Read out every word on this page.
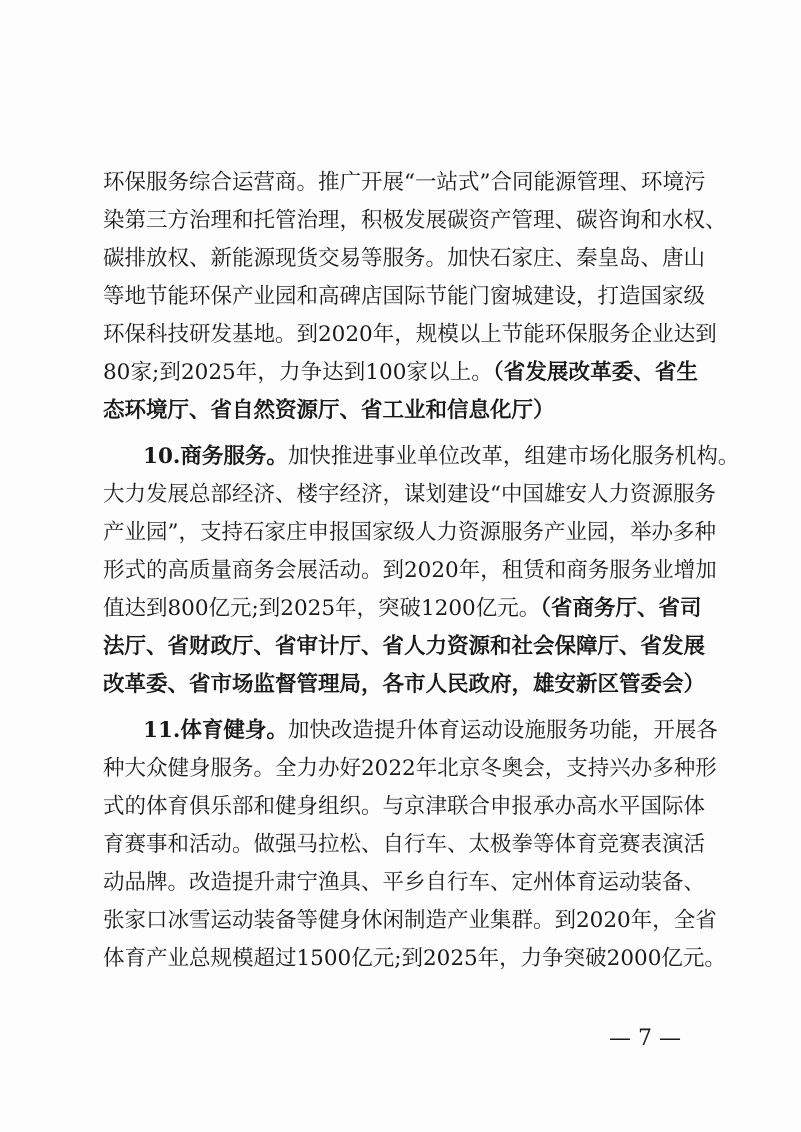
环保服务综合运营商。推广开展“一站式”合同能源管理、环境污
染第三方治理和托管治理，积极发展碳资产管理、碳咨询和水权、
碳排放权、新能源现货交易等服务。加快石家庄、秦皇岛、唐山
等地节能环保产业园和高碑店国际节能门窗城建设，打造国家级
环保科技研发基地。到2020年，规模以上节能环保服务企业达到
80家;到2025年，力争达到100家以上。（省发展改革委、省生
态环境厅、省自然资源厅、省工业和信息化厅）
10.商务服务。加快推进事业单位改革，组建市场化服务机构。
大力发展总部经济、楼宇经济，谋划建设“中国雄安人力资源服务
产业园”，支持石家庄申报国家级人力资源服务产业园，举办多种
形式的高质量商务会展活动。到2020年，租赁和商务服务业增加
值达到800亿元;到2025年，突破1200亿元。（省商务厅、省司
法厅、省财政厅、省审计厅、省人力资源和社会保障厅、省发展
改革委、省市场监督管理局，各市人民政府，雄安新区管委会）
11.体育健身。加快改造提升体育运动设施服务功能，开展各
种大众健身服务。全力办好2022年北京冬奥会，支持兴办多种形
式的体育俱乐部和健身组织。与京津联合申报承办高水平国际体
育赛事和活动。做强马拉松、自行车、太极拳等体育竞赛表演活
动品牌。改造提升肃宁渔具、平乡自行车、定州体育运动装备、
张家口冰雪运动装备等健身休闲制造产业集群。到2020年，全省
体育产业总规模超过1500亿元;到2025年，力争突破2000亿元。
— 7 —
